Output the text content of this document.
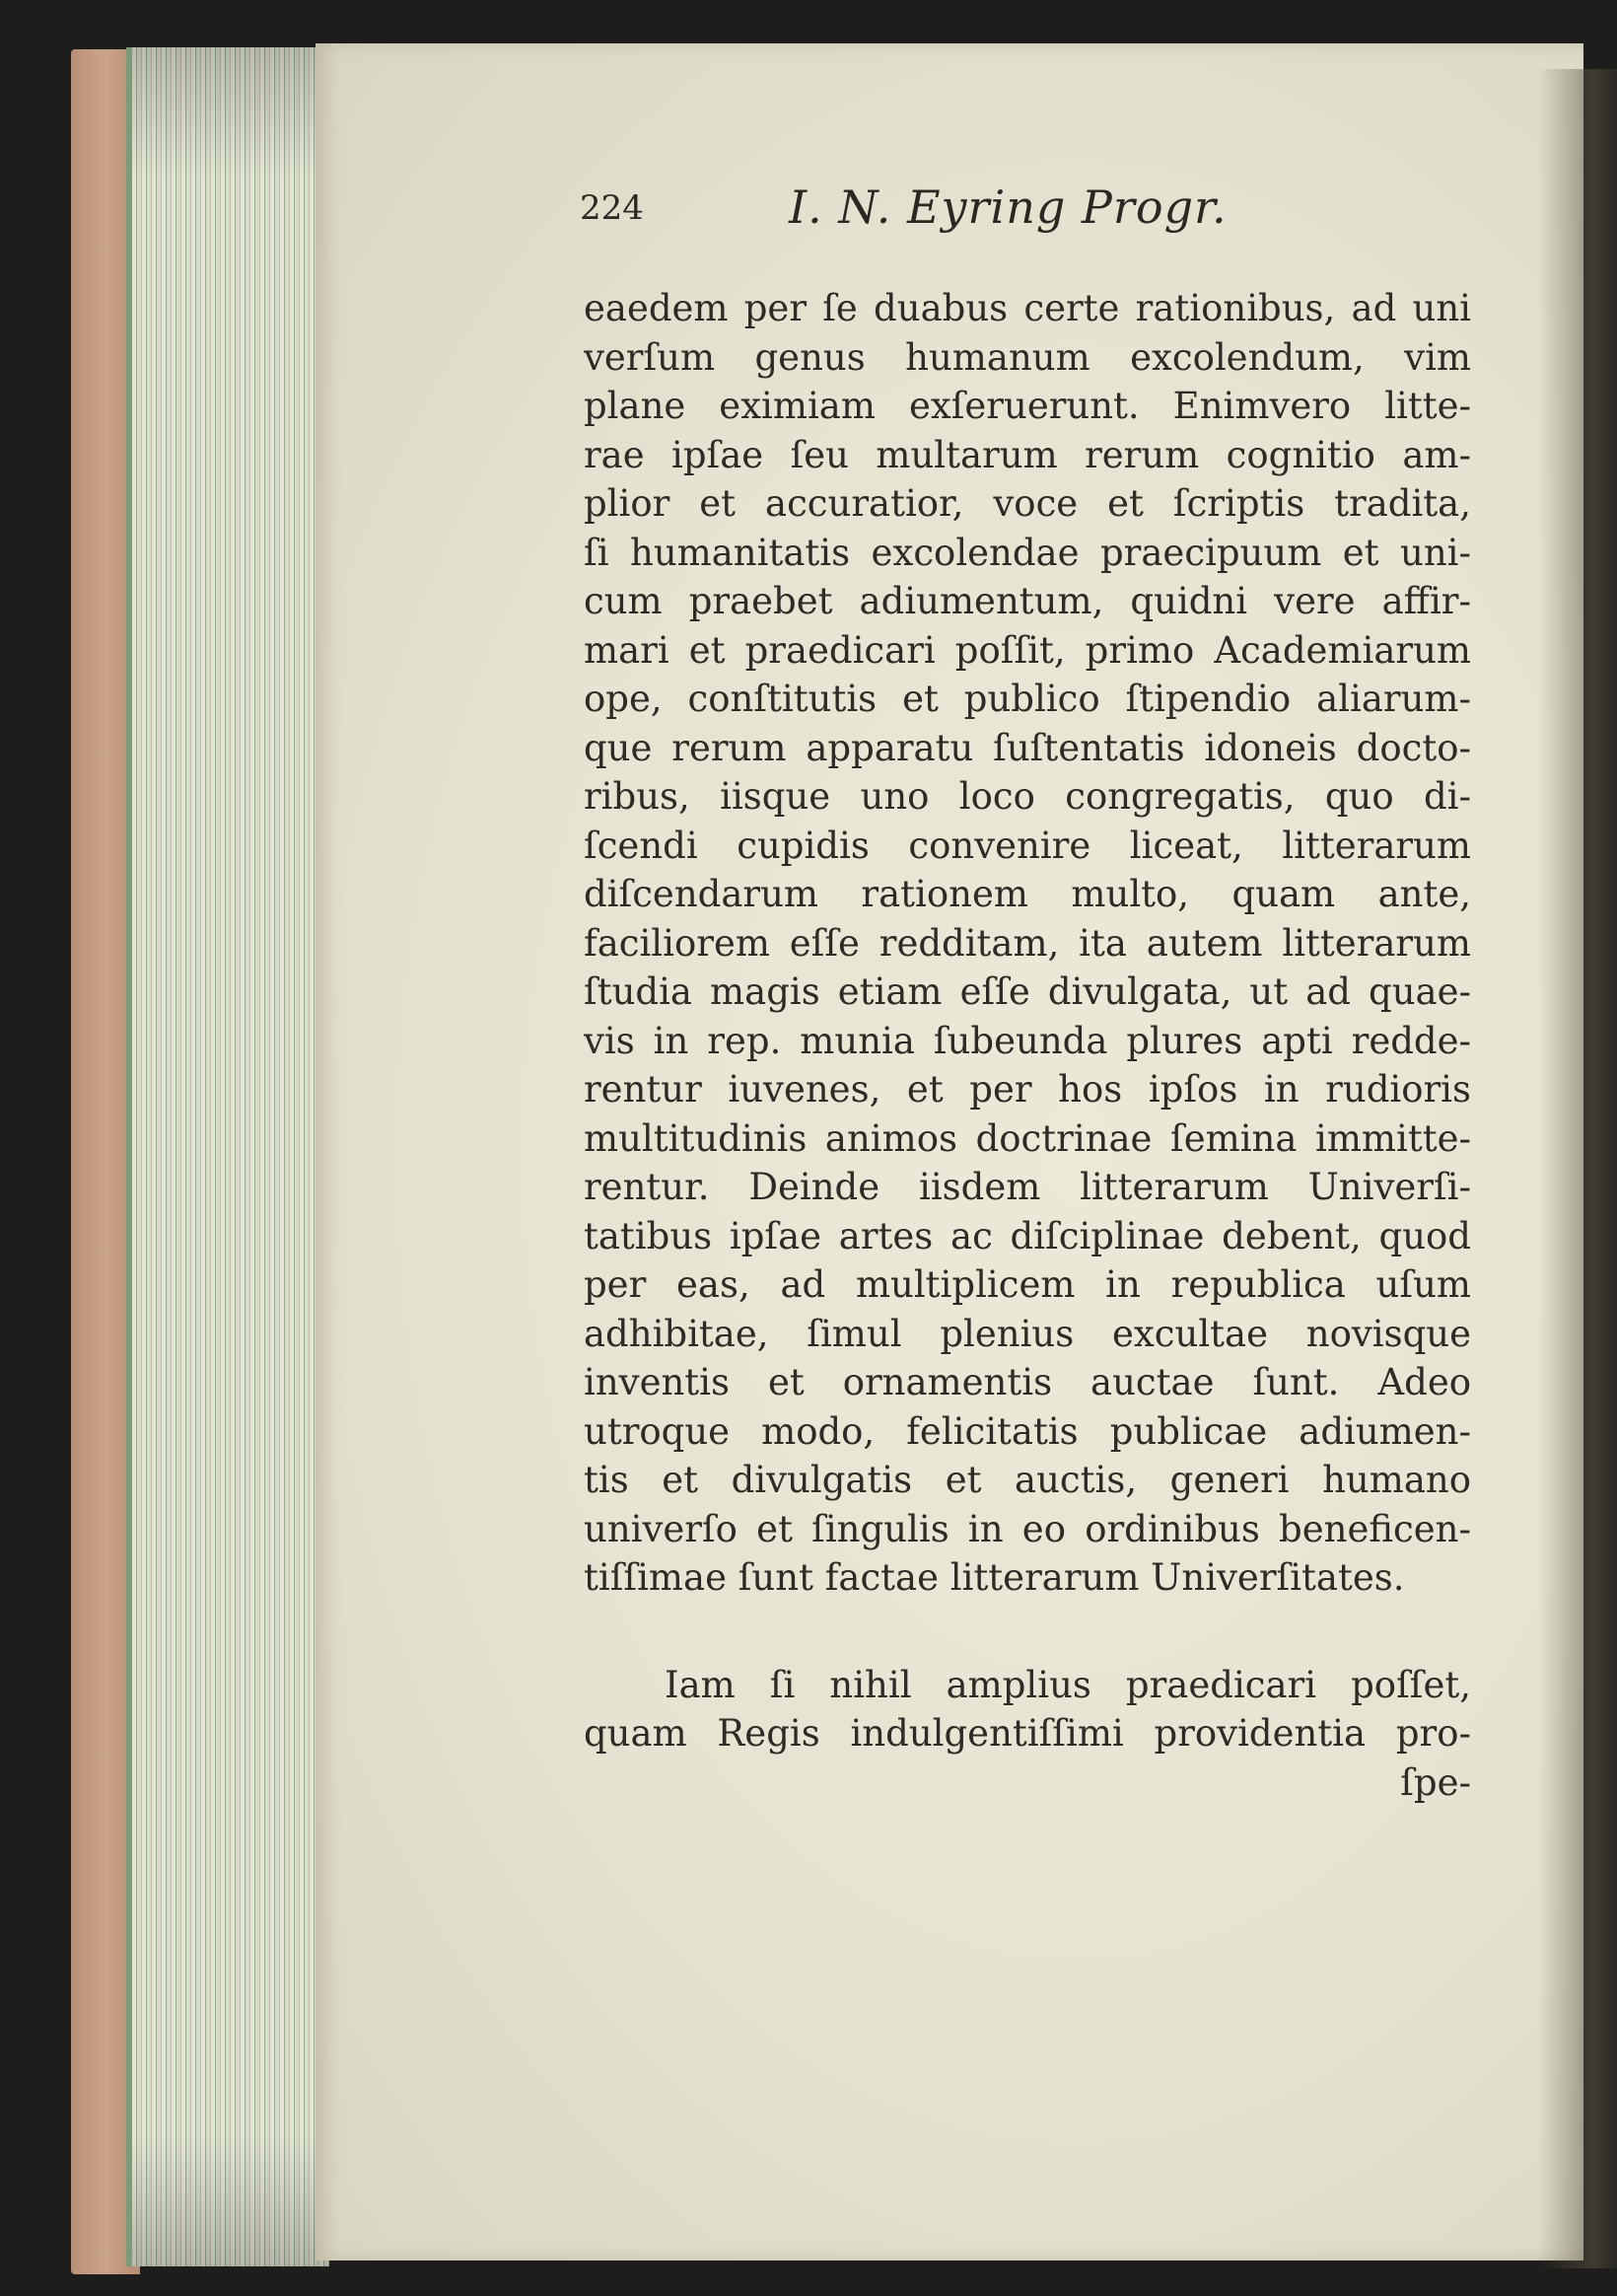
224	I. N. Eyring Progr.
eaedem per ſe duabus certe rationibus, ad uni
verſum genus humanum excolendum, vim
plane eximiam exſeruerunt. Enimvero litte-
rae ipſae ſeu multarum rerum cognitio am-
plior et accuratior, voce et ſcriptis tradita,
ſi humanitatis excolendae praecipuum et uni-
cum praebet adiumentum, quidni vere affir-
mari et praedicari poſſit, primo Academiarum
ope, conſtitutis et publico ſtipendio aliarum-
que rerum apparatu ſuſtentatis idoneis docto-
ribus, iisque uno loco congregatis, quo di-
ſcendi cupidis convenire liceat, litterarum
diſcendarum rationem multo, quam ante,
faciliorem eſſe redditam, ita autem litterarum
ſtudia magis etiam eſſe divulgata, ut ad quae-
vis in rep. munia ſubeunda plures apti redde-
rentur iuvenes, et per hos ipſos in rudioris
multitudinis animos doctrinae ſemina immitte-
rentur. Deinde iisdem litterarum Univerſi-
tatibus ipſae artes ac diſciplinae debent, quod
per eas, ad multiplicem in republica uſum
adhibitae, ſimul plenius excultae novisque
inventis et ornamentis auctae ſunt. Adeo
utroque modo, felicitatis publicae adiumen-
tis et divulgatis et auctis, generi humano
univerſo et ſingulis in eo ordinibus beneficen-
tiſſimae ſunt factae litterarum Univerſitates.
Iam ſi nihil amplius praedicari poſſet,
quam Regis indulgentiſſimi providentia pro-
ſpe-
